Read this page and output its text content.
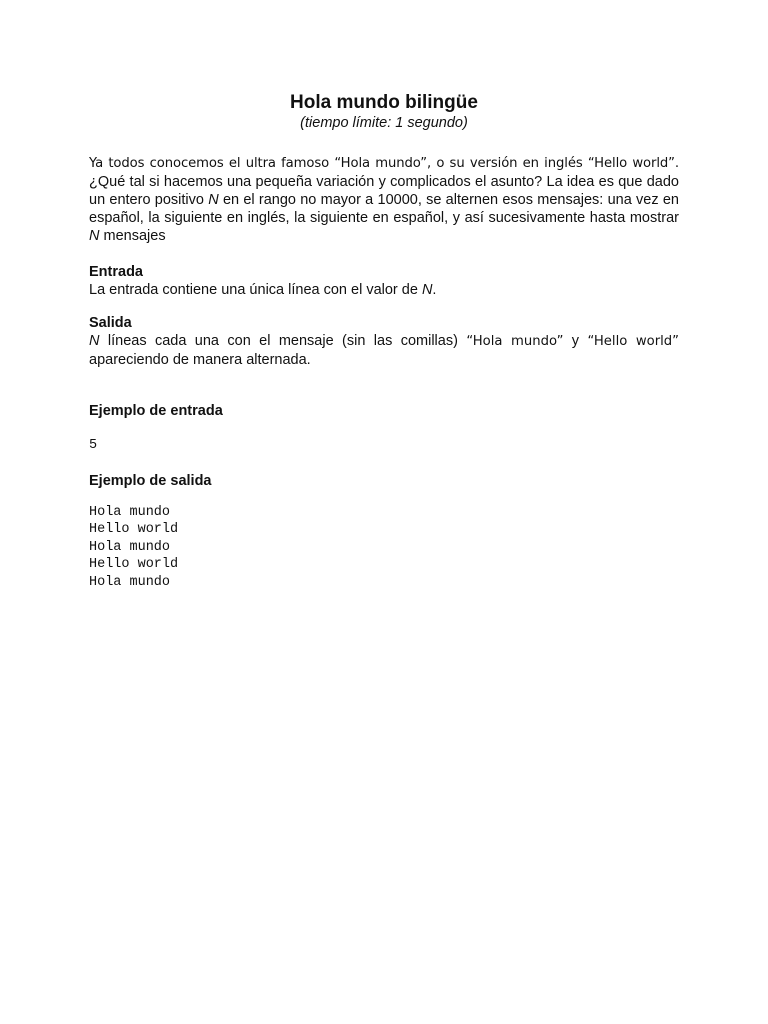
Hola mundo bilingüe
(tiempo límite: 1 segundo)

Ya todos conocemos el ultra famoso “Hola mundo”, o su versión en inglés “Hello world”. ¿Qué tal si hacemos una pequeña variación y complicados el asunto? La idea es que dado un entero positivo N en el rango no mayor a 10000, se alternen esos mensajes: una vez en español, la siguiente en inglés, la siguiente en español, y así sucesivamente hasta mostrar N mensajes

Entrada

La entrada contiene una única línea con el valor de N.

Salida

N líneas cada una con el mensaje (sin las comillas) “Hola mundo” y “Hello world” apareciendo de manera alternada.

Ejemplo de entrada
5
Ejemplo de salida
Hola mundo
Hello world
Hola mundo
Hello world
Hola mundo
